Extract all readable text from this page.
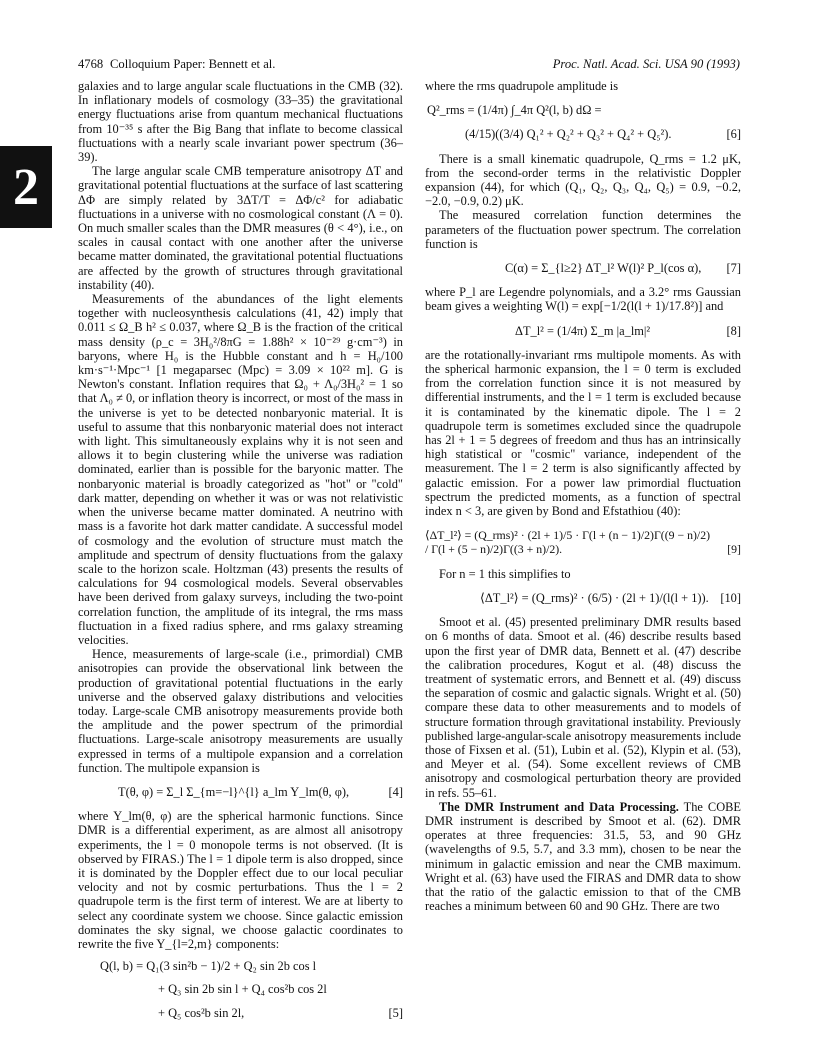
4768 Colloquium Paper: Bennett et al.	Proc. Natl. Acad. Sci. USA 90 (1993)
2

galaxies and to large angular scale fluctuations in the CMB (32). In inflationary models of cosmology (33–35) the gravitational energy fluctuations arise from quantum mechanical fluctuations from 10⁻³⁵ s after the Big Bang that inflate to become classical fluctuations with a nearly scale invariant power spectrum (36–39).

The large angular scale CMB temperature anisotropy ΔT and gravitational potential fluctuations at the surface of last scattering ΔΦ are simply related by 3ΔT/T = ΔΦ/c² for adiabatic fluctuations in a universe with no cosmological constant (Λ = 0). On much smaller scales than the DMR measures (θ < 4°), i.e., on scales in causal contact with one another after the universe became matter dominated, the gravitational potential fluctuations are affected by the growth of structures through gravitational instability (40).

Measurements of the abundances of the light elements together with nucleosynthesis calculations (41, 42) imply that 0.011 ≤ Ω_B h² ≤ 0.037, where Ω_B is the fraction of the critical mass density (ρ_c = 3H₀²/8πG = 1.88h² × 10⁻²⁹ g·cm⁻³) in baryons, where H₀ is the Hubble constant and h = H₀/100 km·s⁻¹·Mpc⁻¹ [1 megaparsec (Mpc) = 3.09 × 10²² m]. G is Newton's constant. Inflation requires that Ω₀ + Λ₀/3H₀² = 1 so that Λ₀ ≠ 0, or inflation theory is incorrect, or most of the mass in the universe is yet to be detected nonbaryonic material. It is useful to assume that this nonbaryonic material does not interact with light. This simultaneously explains why it is not seen and allows it to begin clustering while the universe was radiation dominated, earlier than is possible for the baryonic matter. The nonbaryonic material is broadly categorized as "hot" or "cold" dark matter, depending on whether it was or was not relativistic when the universe became matter dominated. A neutrino with mass is a favorite hot dark matter candidate. A successful model of cosmology and the evolution of structure must match the amplitude and spectrum of density fluctuations from the galaxy scale to the horizon scale. Holtzman (43) presents the results of calculations for 94 cosmological models. Several observables have been derived from galaxy surveys, including the two-point correlation function, the amplitude of its integral, the rms mass fluctuation in a fixed radius sphere, and rms galaxy streaming velocities.

Hence, measurements of large-scale (i.e., primordial) CMB anisotropies can provide the observational link between the production of gravitational potential fluctuations in the early universe and the observed galaxy distributions and velocities today. Large-scale CMB anisotropy measurements provide both the amplitude and the power spectrum of the primordial fluctuations. Large-scale anisotropy measurements are usually expressed in terms of a multipole expansion and a correlation function. The multipole expansion is

T(θ, φ) = Σ_l Σ_{m=−l}^{l} a_lm Y_lm(θ, φ),	[4]

where Y_lm(θ, φ) are the spherical harmonic functions. Since DMR is a differential experiment, as are almost all anisotropy experiments, the l = 0 monopole terms is not observed. (It is observed by FIRAS.) The l = 1 dipole term is also dropped, since it is dominated by the Doppler effect due to our local peculiar velocity and not by cosmic perturbations. Thus the l = 2 quadrupole term is the first term of interest. We are at liberty to select any coordinate system we choose. Since galactic emission dominates the sky signal, we choose galactic coordinates to rewrite the five Y_{l=2,m} components:

Q(l, b) = Q₁(3 sin²b − 1)/2 + Q₂ sin 2b cos l
+ Q₃ sin 2b sin l + Q₄ cos²b cos 2l
+ Q₅ cos²b sin 2l,	[5]

where the rms quadrupole amplitude is

Q²_rms = (1/4π) ∫_4π Q²(l, b) dΩ =
(4/15)((3/4) Q₁² + Q₂² + Q₃² + Q₄² + Q₅²).	[6]

There is a small kinematic quadrupole, Q_rms = 1.2 μK, from the second-order terms in the relativistic Doppler expansion (44), for which (Q₁, Q₂, Q₃, Q₄, Q₅) = 0.9, −0.2, −2.0, −0.9, 0.2) μK.

The measured correlation function determines the parameters of the fluctuation power spectrum. The correlation function is

C(α) = Σ_{l≥2} ΔT_l² W(l)² P_l(cos α), [7]

where P_l are Legendre polynomials, and a 3.2° rms Gaussian beam gives a weighting W(l) = exp[−1/2(l(l + 1)/17.8²)] and

ΔT_l² = (1/4π) Σ_m |a_lm|²	[8]

are the rotationally-invariant rms multipole moments. As with the spherical harmonic expansion, the l = 0 term is excluded from the correlation function since it is not measured by differential instruments, and the l = 1 term is excluded because it is contaminated by the kinematic dipole. The l = 2 quadrupole term is sometimes excluded since the quadrupole has 2l + 1 = 5 degrees of freedom and thus has an intrinsically high statistical or "cosmic" variance, independent of the measurement. The l = 2 term is also significantly affected by galactic emission. For a power law primordial fluctuation spectrum the predicted moments, as a function of spectral index n < 3, are given by Bond and Efstathiou (40):

⟨ΔT_l²⟩ = (Q_rms)² · (2l + 1)/5 · Γ(l + (n − 1)/2)Γ((9 − n)/2) / Γ(l + (5 − n)/2)Γ((3 + n)/2).	[9]

For n = 1 this simplifies to

⟨ΔT_l²⟩ = (Q_rms)² · (6/5) · (2l + 1)/(l(l + 1)). [10]

Smoot et al. (45) presented preliminary DMR results based on 6 months of data. Smoot et al. (46) describe results based upon the first year of DMR data, Bennett et al. (47) describe the calibration procedures, Kogut et al. (48) discuss the treatment of systematic errors, and Bennett et al. (49) discuss the separation of cosmic and galactic signals. Wright et al. (50) compare these data to other measurements and to models of structure formation through gravitational instability. Previously published large-angular-scale anisotropy measurements include those of Fixsen et al. (51), Lubin et al. (52), Klypin et al. (53), and Meyer et al. (54). Some excellent reviews of CMB anisotropy and cosmological perturbation theory are provided in refs. 55–61.

The DMR Instrument and Data Processing. The COBE DMR instrument is described by Smoot et al. (62). DMR operates at three frequencies: 31.5, 53, and 90 GHz (wavelengths of 9.5, 5.7, and 3.3 mm), chosen to be near the minimum in galactic emission and near the CMB maximum. Wright et al. (63) have used the FIRAS and DMR data to show that the ratio of the galactic emission to that of the CMB reaches a minimum between 60 and 90 GHz. There are two
